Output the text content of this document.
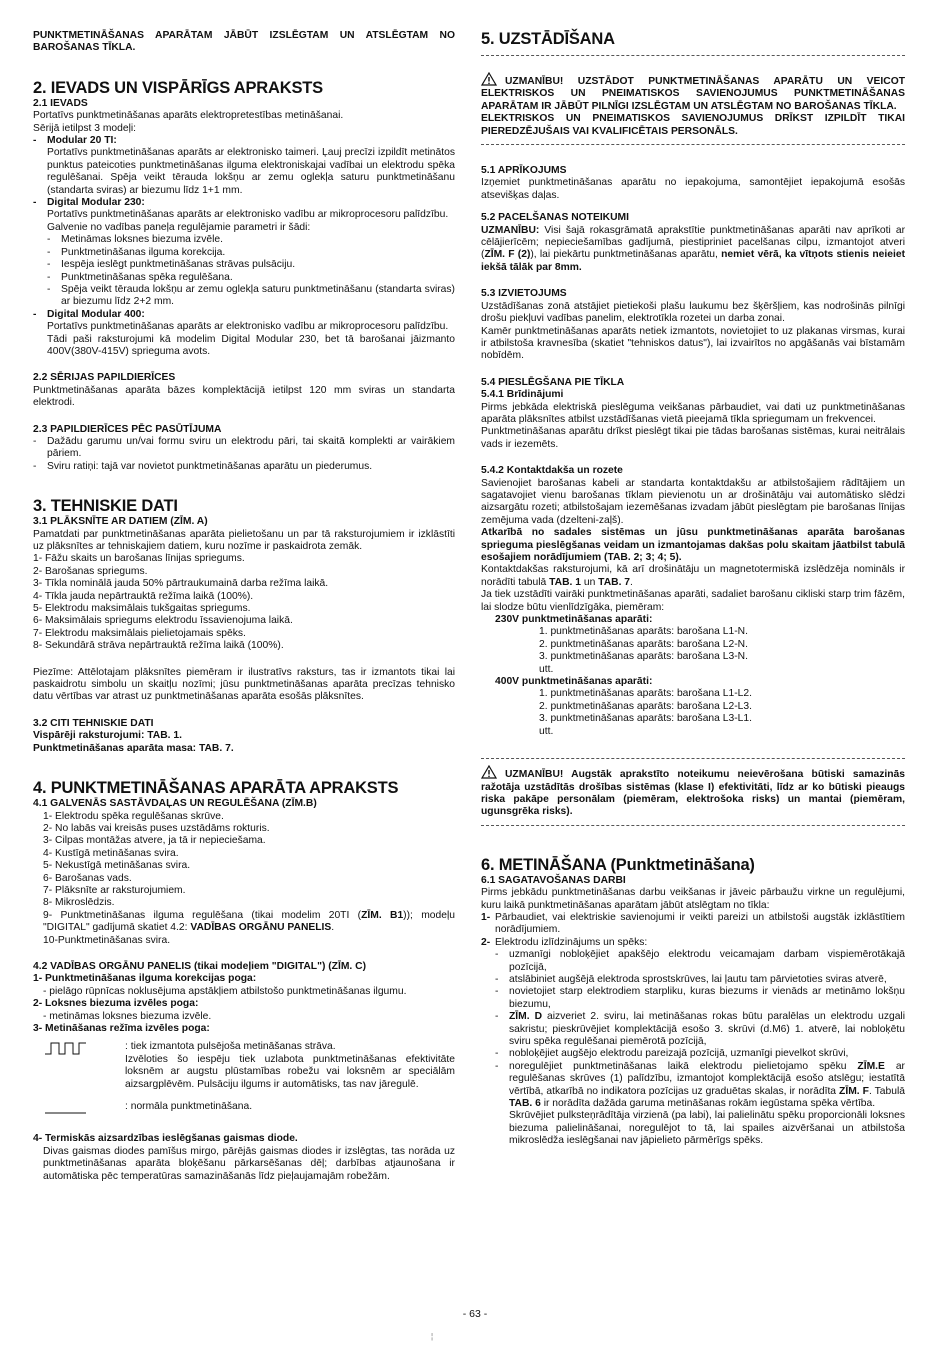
PUNKTMETINĀŠANAS APARĀTAM JĀBŪT IZSLĒGTAM UN ATSLĒGTAM NO BAROŠANAS TĪKLA.

2. IEVADS UN VISPĀRĪGS APRAKSTS
2.1 IEVADS

Portatīvs punktmetināšanas aparāts elektropretestības metināšanai.

Sērijā ietilpst 3 modeļi:

-	Modular 20 TI:

Portatīvs punktmetināšanas aparāts ar elektronisko taimeri. Ļauj precīzi izpildīt metinātos punktus pateicoties punktmetināšanas ilguma elektroniskajai vadībai un elektrodu spēka regulēšanai. Spēja veikt tērauda lokšņu ar zemu oglekļa saturu punktmetināšanu (standarta sviras) ar biezumu līdz 1+1 mm.

-	Digital Modular 230:

Portatīvs punktmetināšanas aparāts ar elektronisko vadību ar mikroprocesoru palīdzību.

Galvenie no vadības paneļa regulējamie parametri ir šādi:

-	Metināmas loksnes biezuma izvēle.
-	Punktmetināšanas ilguma korekcija.
-	Iespēja ieslēgt punktmetināšanas strāvas pulsāciju.
-	Punktmetināšanas spēka regulēšana.
-	Spēja veikt tērauda lokšņu ar zemu oglekļa saturu punktmetināšanu (standarta sviras) ar biezumu līdz 2+2 mm.
-	Digital Modular 400:

Portatīvs punktmetināšanas aparāts ar elektronisko vadību ar mikroprocesoru palīdzību.

Tādi paši raksturojumi kā modelim Digital Modular 230, bet tā barošanai jāizmanto 400V(380V-415V) sprieguma avots.

2.2 SĒRIJAS PAPILDIERĪCES

Punktmetināšanas aparāta bāzes komplektācijā ietilpst 120 mm sviras un standarta elektrodi.

2.3 PAPILDIERĪCES PĒC PASŪTĪJUMA
-	Dažādu garumu un/vai formu sviru un elektrodu pāri, tai skaitā komplekti ar vairākiem pāriem.
-	Sviru ratiņi: tajā var novietot punktmetināšanas aparātu un piederumus.
3. TEHNISKIE DATI
3.1 PLĀKSNĪTE AR DATIEM (ZĪM. A)

Pamatdati par punktmetināšanas aparāta pielietošanu un par tā raksturojumiem ir izklāstīti uz plāksnītes ar tehniskajiem datiem, kuru nozīme ir paskaidrota zemāk.

1- Fāžu skaits un barošanas līnijas spriegums.

2- Barošanas spriegums.

3- Tīkla nominālā jauda 50% pārtraukumainā darba režīma laikā.

4- Tīkla jauda nepārtrauktā režīma laikā (100%).

5- Elektrodu maksimālais tukšgaitas spriegums.

6- Maksimālais spriegums elektrodu īssavienojuma laikā.

7- Elektrodu maksimālais pielietojamais spēks.

8- Sekundārā strāva nepārtrauktā režīma laikā (100%).

Piezīme: Attēlotajam plāksnītes piemēram ir ilustratīvs raksturs, tas ir izmantots tikai lai paskaidrotu simbolu un skaitļu nozīmi; jūsu punktmetināšanas aparāta precīzas tehnisko datu vērtības var atrast uz punktmetināšanas aparāta esošās plāksnītes.

3.2 CITI TEHNISKIE DATI

Vispārēji raksturojumi: TAB. 1.

Punktmetināšanas aparāta masa: TAB. 7.

4. PUNKTMETINĀŠANAS APARĀTA APRAKSTS
4.1 GALVENĀS SASTĀVDAĻAS UN REGULĒŠANA (ZĪM.B)

1- Elektrodu spēka regulēšanas skrūve.

2- No labās vai kreisās puses uzstādāms rokturis.

3- Cilpas montāžas atvere, ja tā ir nepieciešama.

4- Kustīgā metināšanas svira.

5- Nekustīgā metināšanas svira.

6- Barošanas vads.

7- Plāksnīte ar raksturojumiem.

8- Mikroslēdzis.

9- Punktmetināšanas ilguma regulēšana (tikai modelim 20TI (ZĪM. B1)); modeļu "DIGITAL" gadījumā skatiet 4.2: VADĪBAS ORGĀNU PANELIS.

10-Punktmetināšanas svira.

4.2 VADĪBAS ORGĀNU PANELIS (tikai modeļiem "DIGITAL") (ZĪM. C)

1- Punktmetināšanas ilguma korekcijas poga:

- pielāgo rūpnīcas noklusējuma apstākļiem atbilstošo punktmetināšanas ilgumu.

2- Loksnes biezuma izvēles poga:

- metināmas loksnes biezuma izvēle.

3- Metināšanas režīma izvēles poga:

: tiek izmantota pulsējoša metināšanas strāva.

Izvēloties šo iespēju tiek uzlabota punktmetināšanas efektivitāte loksnēm ar augstu plūstamības robežu vai loksnēm ar speciālām aizsargplēvēm. Pulsāciju ilgums ir automātisks, tas nav jāregulē.

: normāla punktmetināšana.

4- Termiskās aizsardzības ieslēgšanas gaismas diode.

Divas gaismas diodes pamīšus mirgo, pārējās gaismas diodes ir izslēgtas, tas norāda uz punktmetināšanas aparāta bloķēšanu pārkarsēšanas dēļ; darbības atjaunošana ir automātiska pēc temperatūras samazināšanās līdz pieļaujamajām robežām.

5. UZSTĀDĪŠANA

UZMANĪBU! UZSTĀDOT PUNKTMETINĀŠANAS APARĀTU UN VEICOT ELEKTRISKOS UN PNEIMATISKOS SAVIENOJUMUS PUNKTMETINĀŠANAS APARĀTAM IR JĀBŪT PILNĪGI IZSLĒGTAM UN ATSLĒGTAM NO BAROŠANAS TĪKLA.

ELEKTRISKOS UN PNEIMATISKOS SAVIENOJUMUS DRĪKST IZPILDĪT TIKAI PIEREDZĒJUŠAIS VAI KVALIFICĒTAIS PERSONĀLS.

5.1 APRĪKOJUMS

Izņemiet punktmetināšanas aparātu no iepakojuma, samontējiet iepakojumā esošās atsevišķas daļas.

5.2 PACELŠANAS NOTEIKUMI

UZMANĪBU: Visi šajā rokasgrāmatā aprakstītie punktmetināšanas aparāti nav aprīkoti ar cēlājierīcēm; nepieciešamības gadījumā, piestipriniet pacelšanas cilpu, izmantojot atveri (ZĪM. F (2)), lai piekārtu punktmetināšanas aparātu, nemiet vērā, ka vītņots stienis neieiet iekšā tālāk par 8mm.

5.3 IZVIETOJUMS

Uzstādīšanas zonā atstājiet pietiekoši plašu laukumu bez šķēršļiem, kas nodrošinās pilnīgi drošu piekļuvi vadības panelim, elektrotīkla rozetei un darba zonai.

Kamēr punktmetināšanas aparāts netiek izmantots, novietojiet to uz plakanas virsmas, kurai ir atbilstoša kravnesība (skatiet "tehniskos datus"), lai izvairītos no apgāšanās vai bīstamām nobīdēm.

5.4 PIESLĒGŠANA PIE TĪKLA
5.4.1 Brīdinājumi

Pirms jebkāda elektriskā pieslēguma veikšanas pārbaudiet, vai dati uz punktmetināšanas aparāta plāksnītes atbilst uzstādīšanas vietā pieejamā tīkla spriegumam un frekvencei.

Punktmetināšanas aparātu drīkst pieslēgt tikai pie tādas barošanas sistēmas, kurai neitrālais vads ir iezemēts.

5.4.2 Kontaktdakša un rozete

Savienojiet barošanas kabeli ar standarta kontaktdakšu ar atbilstošajiem rādītājiem un sagatavojiet vienu barošanas tīklam pievienotu un ar drošinātāju vai automātisko slēdzi aizsargātu rozeti; atbilstošajam iezemēšanas izvadam jābūt pieslēgtam pie barošanas līnijas zemējuma vada (dzelteni-zaļš).

Atkarībā no sadales sistēmas un jūsu punktmetināšanas aparāta barošanas sprieguma pieslēgšanas veidam un izmantojamas dakšas polu skaitam jāatbilst tabulā esošajiem norādījumiem (TAB. 2; 3; 4; 5).

Kontaktdakšas raksturojumi, kā arī drošinātāju un magnetotermiskā izslēdzēja nomināls ir norādīti tabulā TAB. 1 un TAB. 7.

Ja tiek uzstādīti vairāki punktmetināšanas aparāti, sadaliet barošanu cikliski starp trim fāzēm, lai slodze būtu vienlīdzīgāka, piemēram:

230V punktmetināšanas aparāti:

1. punktmetināšanas aparāts: barošana L1-N.

2. punktmetināšanas aparāts: barošana L2-N.

3. punktmetināšanas aparāts: barošana L3-N.

utt.

400V punktmetināšanas aparāti:

1. punktmetināšanas aparāts: barošana L1-L2.

2. punktmetināšanas aparāts: barošana L2-L3.

3. punktmetināšanas aparāts: barošana L3-L1.

utt.

UZMANĪBU! Augstāk aprakstīto noteikumu neievērošana būtiski samazinās ražotāja uzstādītās drošības sistēmas (klase I) efektivitāti, līdz ar ko būtiski pieaugs riska pakāpe personālam (piemēram, elektrošoka risks) un mantai (piemēram, ugunsgrēka risks).

6. METINĀŠANA (Punktmetināšana)
6.1 SAGATAVOŠANAS DARBI

Pirms jebkādu punktmetināšanas darbu veikšanas ir jāveic pārbaužu virkne un regulējumi, kuru laikā punktmetināšanas aparātam jābūt atslēgtam no tīkla:

1- Pārbaudiet, vai elektriskie savienojumi ir veikti pareizi un atbilstoši augstāk izklāstītiem norādījumiem.
2- Elektrodu izlīdzinājums un spēks:
-	uzmanīgi nobloķējiet apakšējo elektrodu veicamajam darbam vispiemērotākajā pozīcijā,
-	atslābiniet augšējā elektroda sprostskrūves, lai ļautu tam pārvietoties sviras atverē,
-	novietojiet starp elektrodiem starpliku, kuras biezums ir vienāds ar metināmo lokšņu biezumu,
-	ZĪM. D aizveriet 2. sviru, lai metināšanas rokas būtu paralēlas un elektrodu uzgali sakristu; pieskrūvējiet komplektācijā esošo 3. skrūvi (d.M6) 1. atverē, lai nobloķētu sviru spēka regulēšanai piemērotā pozīcijā,
-	nobloķējiet augšējo elektrodu pareizajā pozīcijā, uzmanīgi pievelkot skrūvi,
-	noregulējiet punktmetināšanas laikā elektrodu pielietojamo spēku ZĪM.E ar regulēšanas skrūves (1) palīdzību, izmantojot komplektācijā esošo atslēgu; iestatītā vērtībā, atkarībā no indikatora pozīcijas uz graduētas skalas, ir norādīta ZĪM. F. Tabulā TAB. 6 ir norādīta dažāda garuma metināšanas rokām iegūstama spēka vērtība.

Skrūvējiet pulksteņrādītāja virzienā (pa labi), lai palielinātu spēku proporcionāli loksnes biezuma palielināšanai, noregulējot to tā, lai spailes aizvēršanai un atbilstoša mikroslēdža ieslēgšanai nav jāpielieto pārmērīgs spēks.

- 63 -
¦
